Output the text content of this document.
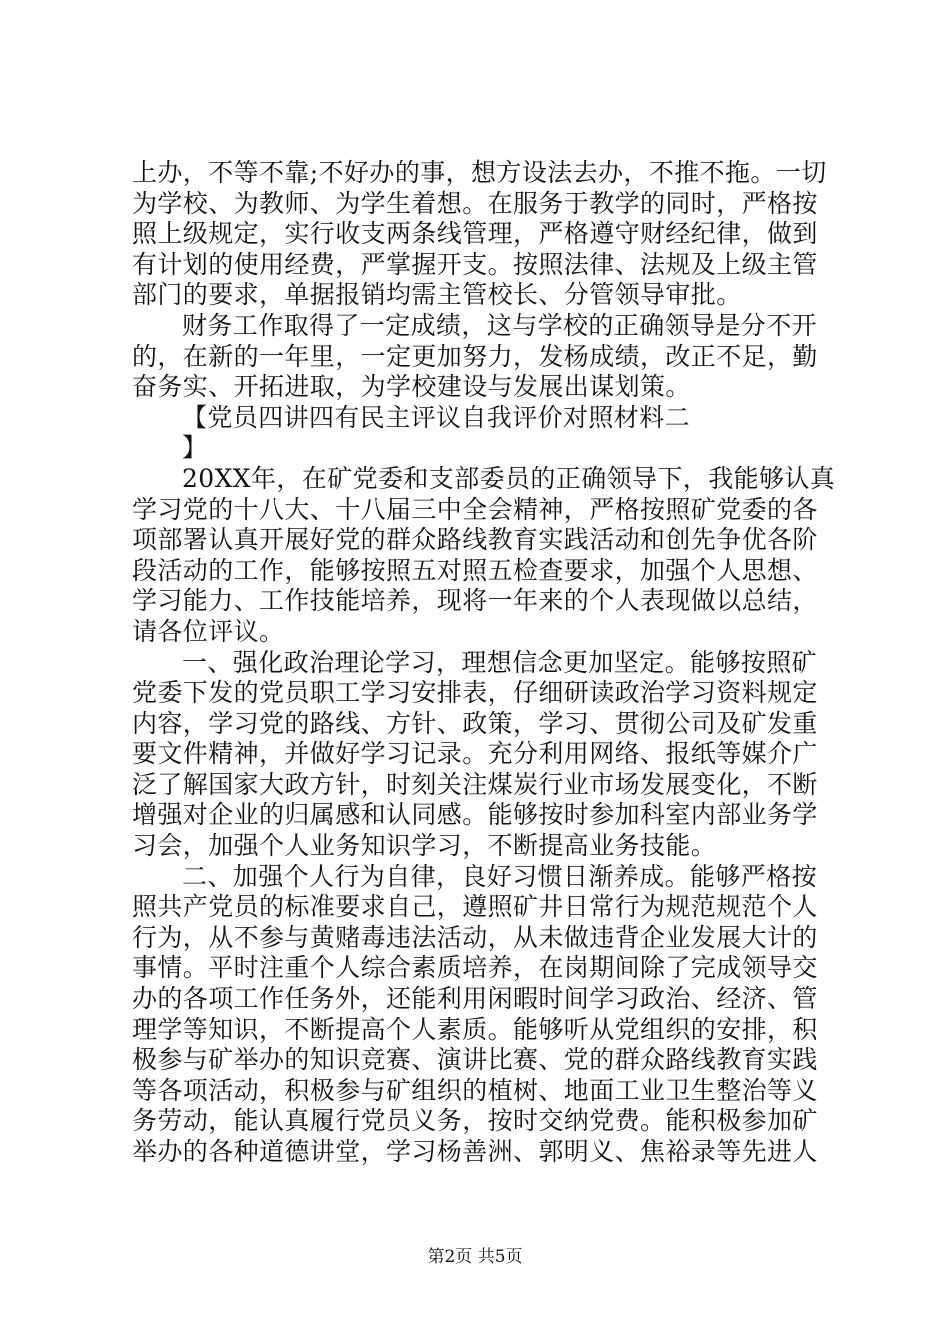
上办，不等不靠;不好办的事，想方设法去办，不推不拖。一切
为学校、为教师、为学生着想。在服务于教学的同时，严格按
照上级规定，实行收支两条线管理，严格遵守财经纪律，做到
有计划的使用经费，严掌握开支。按照法律、法规及上级主管
部门的要求，单据报销均需主管校长、分管领导审批。
财务工作取得了一定成绩，这与学校的正确领导是分不开
的，在新的一年里，一定更加努力，发杨成绩，改正不足，勤
奋务实、开拓进取，为学校建设与发展出谋划策。
【党员四讲四有民主评议自我评价对照材料二
】
20XX年，在矿党委和支部委员的正确领导下，我能够认真
学习党的十八大、十八届三中全会精神，严格按照矿党委的各
项部署认真开展好党的群众路线教育实践活动和创先争优各阶
段活动的工作，能够按照五对照五检查要求，加强个人思想、
学习能力、工作技能培养，现将一年来的个人表现做以总结，
请各位评议。
一、强化政治理论学习，理想信念更加坚定。能够按照矿
党委下发的党员职工学习安排表，仔细研读政治学习资料规定
内容，学习党的路线、方针、政策，学习、贯彻公司及矿发重
要文件精神，并做好学习记录。充分利用网络、报纸等媒介广
泛了解国家大政方针，时刻关注煤炭行业市场发展变化，不断
增强对企业的归属感和认同感。能够按时参加科室内部业务学
习会，加强个人业务知识学习，不断提高业务技能。
二、加强个人行为自律，良好习惯日渐养成。能够严格按
照共产党员的标准要求自己，遵照矿井日常行为规范规范个人
行为，从不参与黄赌毒违法活动，从未做违背企业发展大计的
事情。平时注重个人综合素质培养，在岗期间除了完成领导交
办的各项工作任务外，还能利用闲暇时间学习政治、经济、管
理学等知识，不断提高个人素质。能够听从党组织的安排，积
极参与矿举办的知识竞赛、演讲比赛、党的群众路线教育实践
等各项活动，积极参与矿组织的植树、地面工业卫生整治等义
务劳动，能认真履行党员义务，按时交纳党费。能积极参加矿
举办的各种道德讲堂，学习杨善洲、郭明义、焦裕录等先进人
第2页 共5页
